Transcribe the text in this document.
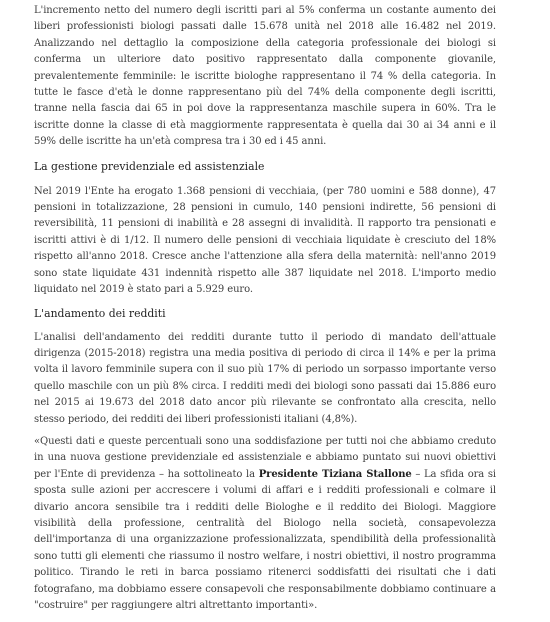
L'incremento netto del numero degli iscritti pari al 5% conferma un costante aumento dei liberi professionisti biologi passati dalle 15.678 unità nel 2018 alle 16.482 nel 2019. Analizzando nel dettaglio la composizione della categoria professionale dei biologi si conferma un ulteriore dato positivo rappresentato dalla componente giovanile, prevalentemente femminile: le iscritte biologhe rappresentano il 74 % della categoria. In tutte le fasce d'età le donne rappresentano più del 74% della componente degli iscritti, tranne nella fascia dai 65 in poi dove la rappresentanza maschile supera in 60%. Tra le iscritte donne la classe di età maggiormente rappresentata è quella dai 30 ai 34 anni e il 59% delle iscritte ha un'età compresa tra i 30 ed i 45 anni.

La gestione previdenziale ed assistenziale

Nel 2019 l'Ente ha erogato 1.368 pensioni di vecchiaia, (per 780 uomini e 588 donne), 47 pensioni in totalizzazione, 28 pensioni in cumulo, 140 pensioni indirette, 56 pensioni di reversibilità, 11 pensioni di inabilità e 28 assegni di invalidità. Il rapporto tra pensionati e iscritti attivi è di 1/12. Il numero delle pensioni di vecchiaia liquidate è cresciuto del 18% rispetto all'anno 2018. Cresce anche l'attenzione alla sfera della maternità: nell'anno 2019 sono state liquidate 431 indennità rispetto alle 387 liquidate nel 2018. L'importo medio liquidato nel 2019 è stato pari a 5.929 euro.

L'andamento dei redditi

L'analisi dell'andamento dei redditi durante tutto il periodo di mandato dell'attuale dirigenza (2015-2018) registra una media positiva di periodo di circa il 14% e per la prima volta il lavoro femminile supera con il suo più 17% di periodo un sorpasso importante verso quello maschile con un più 8% circa. I redditi medi dei biologi sono passati dai 15.886 euro nel 2015 ai 19.673 del 2018 dato ancor più rilevante se confrontato alla crescita, nello stesso periodo, dei redditi dei liberi professionisti italiani (4,8%).

«Questi dati e queste percentuali sono una soddisfazione per tutti noi che abbiamo creduto in una nuova gestione previdenziale ed assistenziale e abbiamo puntato sui nuovi obiettivi per l'Ente di previdenza – ha sottolineato la Presidente Tiziana Stallone – La sfida ora si sposta sulle azioni per accrescere i volumi di affari e i redditi professionali e colmare il divario ancora sensibile tra i redditi delle Biologhe e il reddito dei Biologi. Maggiore visibilità della professione, centralità del Biologo nella società, consapevolezza dell'importanza di una organizzazione professionalizzata, spendibilità della professionalità sono tutti gli elementi che riassumo il nostro welfare, i nostri obiettivi, il nostro programma politico. Tirando le reti in barca possiamo ritenerci soddisfatti dei risultati che i dati fotografano, ma dobbiamo essere consapevoli che responsabilmente dobbiamo continuare a "costruire" per raggiungere altri altrettanto importanti».
